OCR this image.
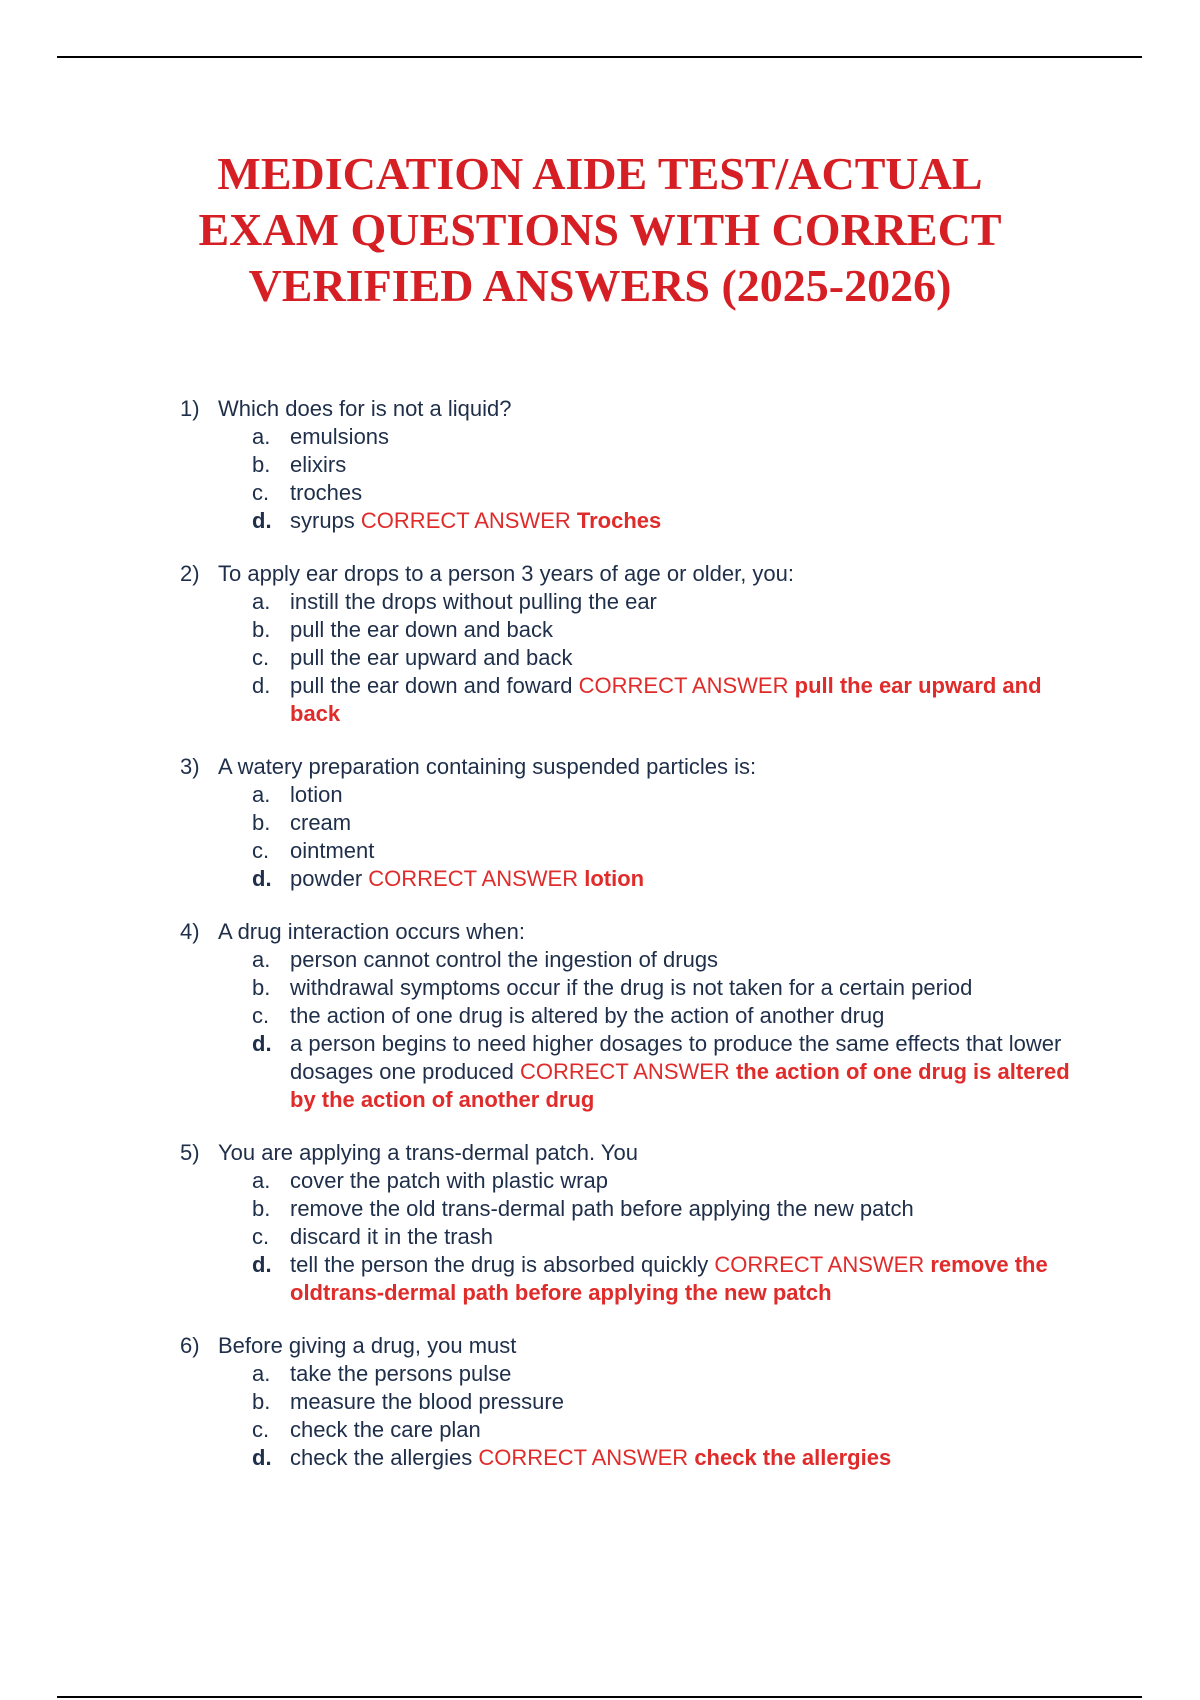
MEDICATION AIDE TEST/ACTUAL
EXAM QUESTIONS WITH CORRECT
VERIFIED ANSWERS (2025-2026)
1) Which does for is not a liquid?
a. emulsions
b. elixirs
c. troches
d. syrups CORRECT ANSWER Troches
2) To apply ear drops to a person 3 years of age or older, you:
a. instill the drops without pulling the ear
b. pull the ear down and back
c. pull the ear upward and back
d. pull the ear down and foward CORRECT ANSWER pull the ear upward and back
3) A watery preparation containing suspended particles is:
a. lotion
b. cream
c. ointment
d. powder CORRECT ANSWER lotion
4) A drug interaction occurs when:
a. person cannot control the ingestion of drugs
b. withdrawal symptoms occur if the drug is not taken for a certain period
c. the action of one drug is altered by the action of another drug
d. a person begins to need higher dosages to produce the same effects that lower dosages one produced CORRECT ANSWER the action of one drug is altered by the action of another drug
5) You are applying a trans-dermal patch. You
a. cover the patch with plastic wrap
b. remove the old trans-dermal path before applying the new patch
c. discard it in the trash
d. tell the person the drug is absorbed quickly CORRECT ANSWER remove the oldtrans-dermal path before applying the new patch
6) Before giving a drug, you must
a. take the persons pulse
b. measure the blood pressure
c. check the care plan
d. check the allergies CORRECT ANSWER check the allergies
